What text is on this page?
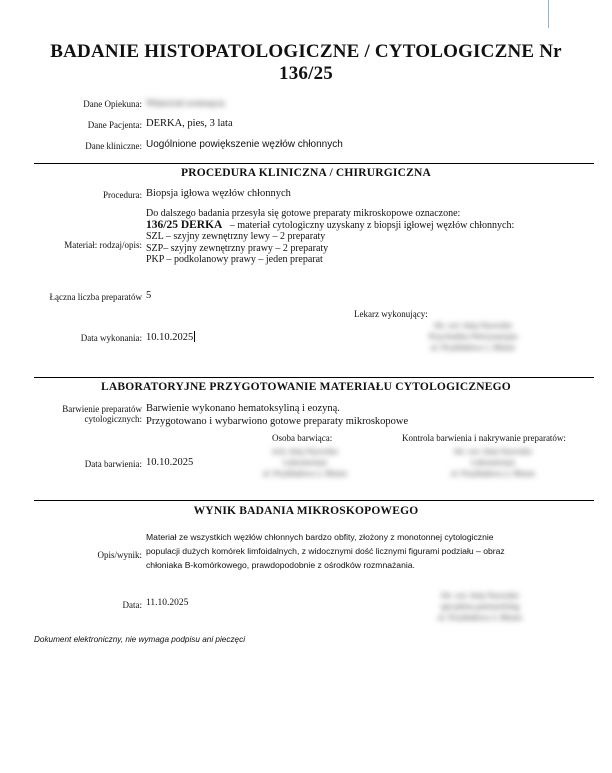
BADANIE HISTOPATOLOGICZNE / CYTOLOGICZNE Nr
136/25
Dane Opiekuna: Właściciel zwierzęcia
Dane Pacjenta: DERKA, pies, 3 lata
Dane kliniczne: Uogólnione powiększenie węzłów chłonnych
PROCEDURA KLINICZNA / CHIRURGICZNA
Procedura: Biopsja igłowa węzłów chłonnych
Materiał: rodzaj/opis:
Do dalszego badania przesyła się gotowe preparaty mikroskopowe oznaczone:
136/25 DERKA – materiał cytologiczny uzyskany z biopsji igłowej węzłów chłonnych:
SZL – szyjny zewnętrzny lewy – 2 preparaty
SZP– szyjny zewnętrzny prawy – 2 preparaty
PKP – podkolanowy prawy – jeden preparat
Łączna liczba preparatów 5
Lekarz wykonujący:
lek. wet. Imię Nazwisko
Przychodnia Weterynaryjna
ul. Przykładowa 1, Miasto
Data wykonania: 10.10.2025
LABORATORYJNE PRZYGOTOWANIE MATERIAŁU CYTOLOGICZNEGO
Barwienie preparatów
cytologicznych:
Barwienie wykonano hematoksyliną i eozyną.
Przygotowano i wybarwiono gotowe preparaty mikroskopowe
Osoba barwiąca:	Kontrola barwienia i nakrywanie preparatów:
tech. Imię Nazwisko
Laboratorium
ul. Przykładowa 2, Miasto
lek. wet. Imię Nazwisko
Laboratorium
ul. Przykładowa 2, Miasto
Data barwienia: 10.10.2025
WYNIK BADANIA MIKROSKOPOWEGO
Opis/wynik:
Materiał ze wszystkich węzłów chłonnych bardzo obfity, złożony z monotonnej cytologicznie
populacji dużych komórek limfoidalnych, z widocznymi dość licznymi figurami podziału – obraz
chłoniaka B-komórkowego, prawdopodobnie z ośrodków rozmnażania.
Data: 11.10.2025
lek. wet. Imię Nazwisko
specjalista patomorfolog
ul. Przykładowa 3, Miasto
Dokument elektroniczny, nie wymaga podpisu ani pieczęci
